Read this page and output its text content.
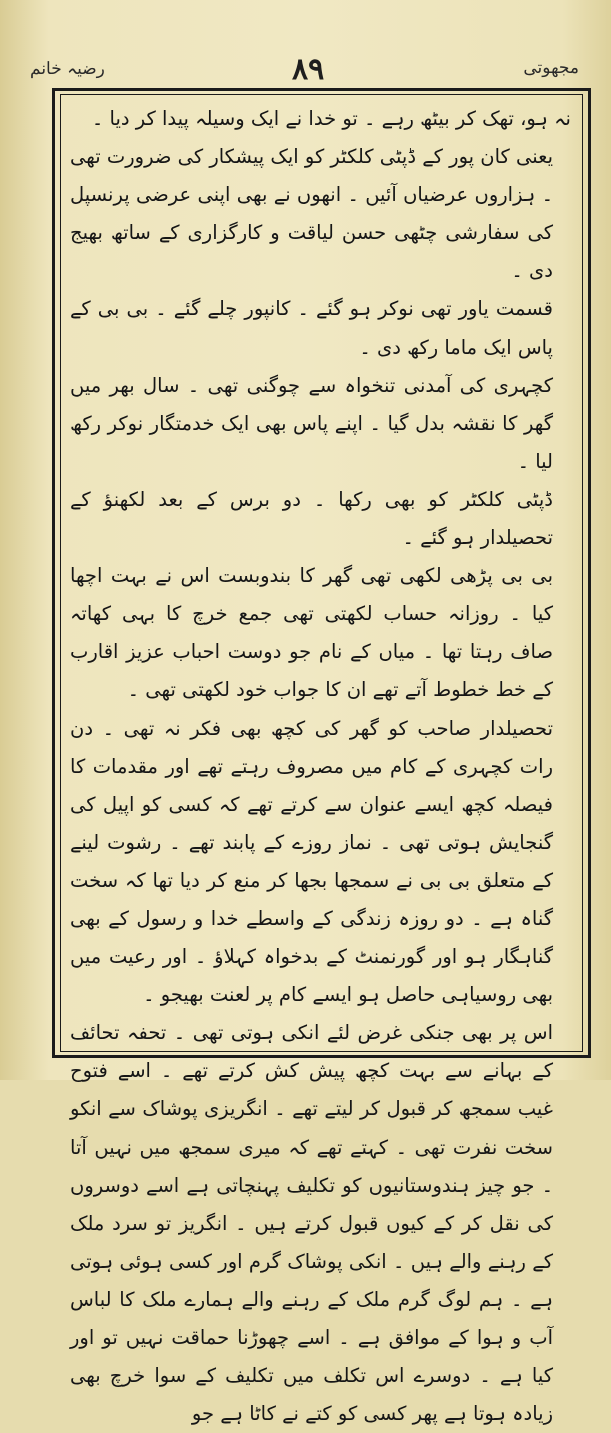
رضیہ خانم	۸۹	مجھوتی

نہ ہو، تھک کر بیٹھ رہے ۔ تو خدا نے ایک وسیلہ پیدا کر دیا ۔

یعنی کان پور کے ڈپٹی کلکٹر کو ایک پیشکار کی ضرورت تھی ۔ ہزاروں عرضیاں آئیں ۔ انھوں نے بھی اپنی عرضی پرنسپل کی سفارشی چٹھی حسن لیاقت و کارگزاری کے ساتھ بھیج دی ۔

قسمت یاور تھی نوکر ہو گئے ۔ کانپور چلے گئے ۔ بی بی کے پاس ایک ماما رکھ دی ۔

کچہری کی آمدنی تنخواہ سے چوگنی تھی ۔ سال بھر میں گھر کا نقشہ بدل گیا ۔ اپنے پاس بھی ایک خدمتگار نوکر رکھ لیا ۔

ڈپٹی کلکٹر کو بھی رکھا ۔ دو برس کے بعد لکھنؤ کے تحصیلدار ہو گئے ۔

بی بی پڑھی لکھی تھی گھر کا بندوبست اس نے بہت اچھا کیا ۔ روزانہ حساب لکھتی تھی جمع خرچ کا بہی کھاتہ صاف رہتا تھا ۔ میاں کے نام جو دوست احباب عزیز اقارب کے خط خطوط آتے تھے ان کا جواب خود لکھتی تھی ۔

تحصیلدار صاحب کو گھر کی کچھ بھی فکر نہ تھی ۔ دن رات کچہری کے کام میں مصروف رہتے تھے اور مقدمات کا فیصلہ کچھ ایسے عنوان سے کرتے تھے کہ کسی کو اپیل کی گنجایش ہوتی تھی ۔ نماز روزے کے پابند تھے ۔ رشوت لینے کے متعلق بی بی نے سمجھا بجھا کر منع کر دیا تھا کہ سخت گناہ ہے ۔ دو روزہ زندگی کے واسطے خدا و رسول کے بھی گناہگار ہو اور گورنمنٹ کے بدخواہ کہلاؤ ۔ اور رعیت میں بھی روسیاہی حاصل ہو ایسے کام پر لعنت بھیجو ۔

اس پر بھی جنکی غرض لئے انکی ہوتی تھی ۔ تحفہ تحائف کے بہانے سے بہت کچھ پیش کش کرتے تھے ۔ اسے فتوح غیب سمجھ کر قبول کر لیتے تھے ۔ انگریزی پوشاک سے انکو سخت نفرت تھی ۔ کہتے تھے کہ میری سمجھ میں نہیں آتا ۔ جو چیز ہندوستانیوں کو تکلیف پہنچاتی ہے اسے دوسروں کی نقل کر کے کیوں قبول کرتے ہیں ۔ انگریز تو سرد ملک کے رہنے والے ہیں ۔ انکی پوشاک گرم اور کسی ہوئی ہوتی ہے ۔ ہم لوگ گرم ملک کے رہنے والے ہمارے ملک کا لباس آب و ہوا کے موافق ہے ۔ اسے چھوڑنا حماقت نہیں تو اور کیا ہے ۔ دوسرے اس تکلف میں تکلیف کے سوا خرچ بھی زیادہ ہوتا ہے پھر کسی کو کتے نے کاٹا ہے جو
